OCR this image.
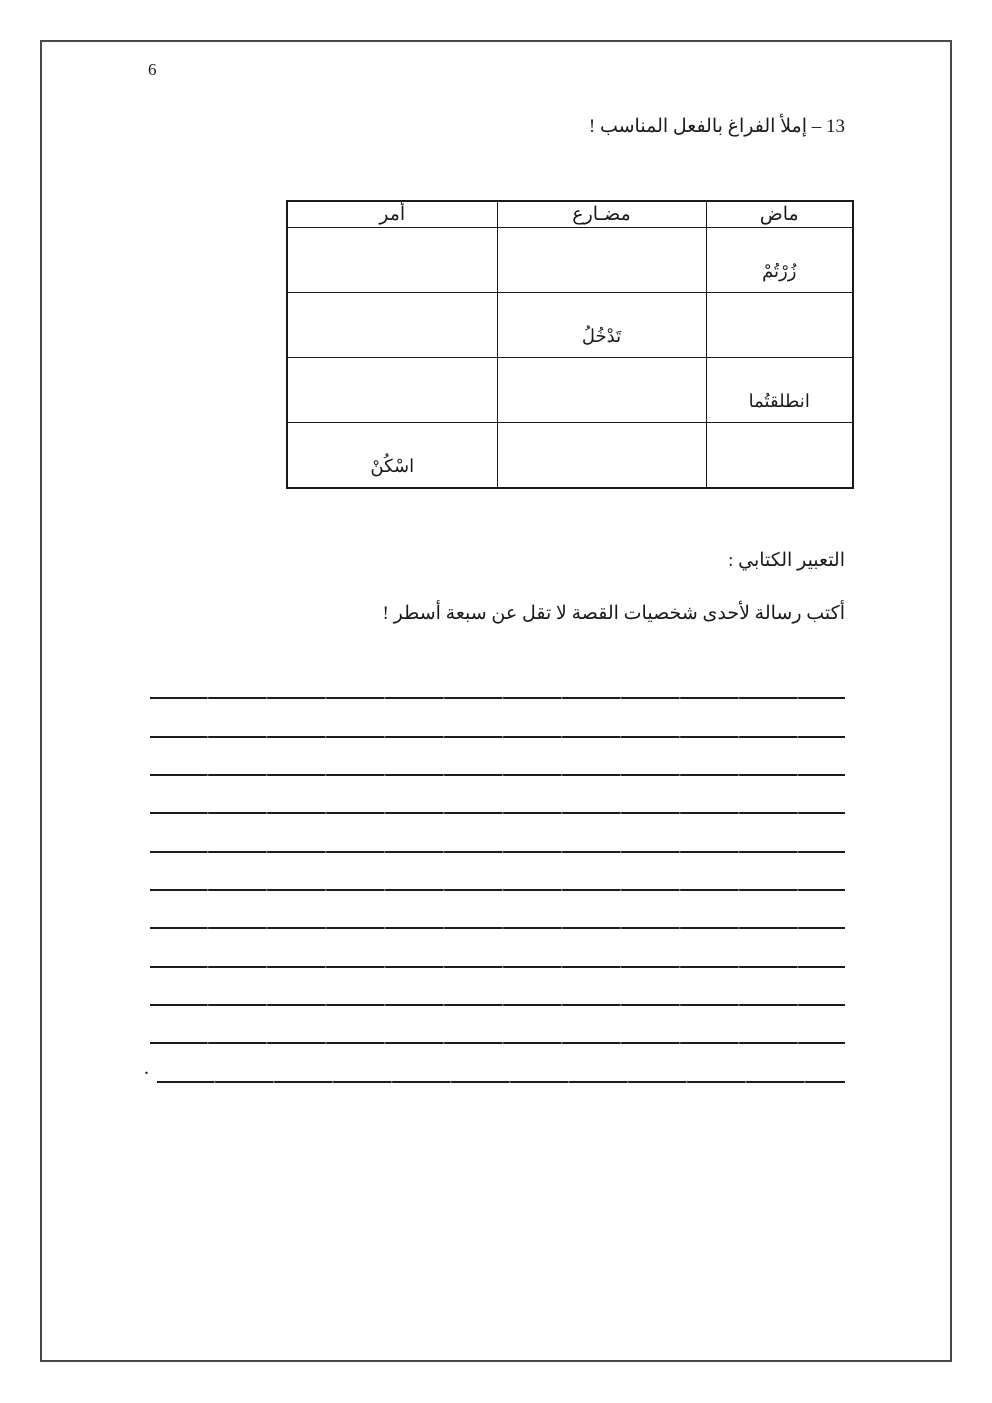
6
13 – إملأ الفراغ بالفعل المناسب !
ماض	مضـارع	أمر
زُرْتُمْ		
	تَدْخُلُ	
انطلقتُما		
		اسْكُنْ
التعبير الكتابي :
أكتب رسالة لأحدى شخصيات القصة لا تقل عن سبعة أسطر !
.
